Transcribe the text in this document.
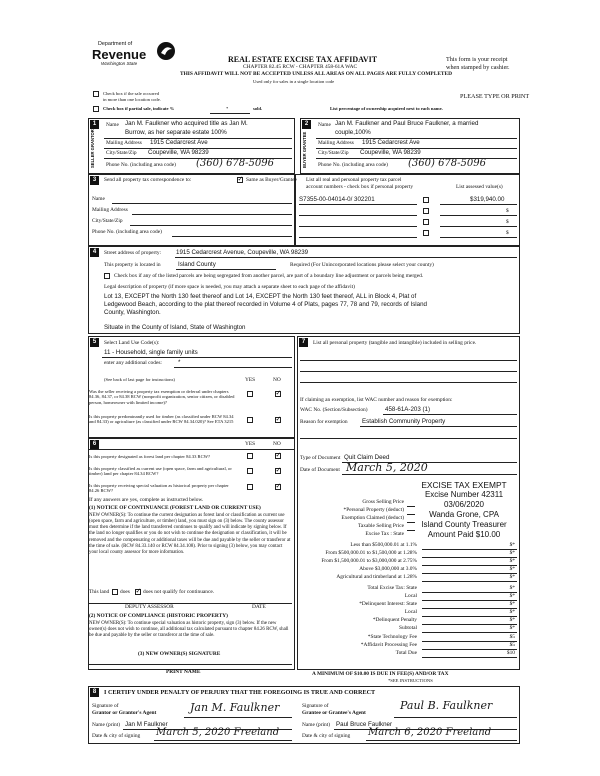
Department of
Revenue
Washington State	REAL ESTATE EXCISE TAX AFFIDAVIT
CHAPTER 82.45 RCW - CHAPTER 458-61A WAC
THIS AFFIDAVIT WILL NOT BE ACCEPTED UNLESS ALL AREAS ON ALL PAGES ARE FULLY COMPLETED
Used only for sales in a single location code
This form is your receipt
when stamped by cashier.
Check box if the sale occurred
in more than one location code.	PLEASE TYPE OR PRINT
Check box if partial sale, indicate %	*	sold.	List percentage of ownership acquired next to each name.
1
SELLER GRANTOR
Name Jan M. Faulkner who acquired title as Jan M.
Burrow, as her separate estate 100%
Mailing Address 1915 Cedarcrest Ave
City/State/Zip Coupeville, WA 98239
Phone No. (including area code) (360) 678-5096
2
BUYER GRANTEE
Name Jan M. Faulkner and Paul Bruce Faulkner, a married
couple,100%
Mailing Address 1915 Cedarcrest Ave
City/State/Zip Coupeville, WA 98239
Phone No. (including area code) (360) 678-5096
3	Send all property tax correspondence to: ✓	Same as Buyer/Grantee
Name
Mailing Address
City/State/Zip
Phone No. (including area code)
List all real and personal property tax parcel
account numbers - check box if personal property	List assessed value(s)
S7355-00-04014-0/ 302201	$319,940.00
$
$
$
4	Street address of property: 1915 Cedarcrest Avenue, Coupeville, WA 98239
This property is located in	Island County	Required (For Unincorporated locations please select your county)
Check box if any of the listed parcels are being segregated from another parcel, are part of a boundary line adjustment or parcels being merged.
Legal description of property (if more space is needed, you may attach a separate sheet to each page of the affidavit)
Lot 13, EXCEPT the North 130 feet thereof and Lot 14, EXCEPT the North 130 feet thereof, ALL in Block 4, Plat of
Ledgewood Beach, according to the plat thereof recorded in Volume 4 of Plats, pages 77, 78 and 79, records of Island
County, Washington.
Situate in the County of Island, State of Washington
5	Select Land Use Code(s):
11 - Household, single family units
enter any additional codes:	*
(See back of last page for instructions)	YES	NO
Was the seller receiving a property tax exemption or deferral under chapters 84.36, 84.37, or 84.38 RCW (nonprofit organization, senior citizen, or disabled person, homeowner with limited income)?
✓
Is this property predominantly used for timber (as classified under RCW 84.34 and 84.33) or agriculture (as classified under RCW 84.34.020)? See ETA 3215
✓
6	YES	NO
Is this property designated as forest land per chapter 84.33 RCW?
✓
Is this property classified as current use (open space, farm and agricultural, or timber) land per chapter 84.34 RCW?
✓
Is this property receiving special valuation as historical property per chapter 84.26 RCW?
✓
If any answers are yes, complete as instructed below.
(1) NOTICE OF CONTINUANCE (FOREST LAND OR CURRENT USE)
NEW OWNER(S): To continue the current designation as forest land or classification as current use (open space, farm and agriculture, or timber) land, you must sign on (3) below. The county assessor must then determine if the land transferred continues to qualify and will indicate by signing below. If the land no longer qualifies or you do not wish to continue the designation or classification, it will be removed and the compensating or additional taxes will be due and payable by the seller or transferor at the time of sale. (RCW 84.33.140 or RCW 84.34.108). Prior to signing (3) below, you may contact your local county assessor for more information.
This land does ✓ does not qualify for continuance.
DEPUTY ASSESSOR	DATE
(2) NOTICE OF COMPLIANCE (HISTORIC PROPERTY)
NEW OWNER(S): To continue special valuation as historic property, sign (3) below. If the new owner(s) does not wish to continue, all additional tax calculated pursuant to chapter 84.26 RCW, shall be due and payable by the seller or transferor at the time of sale.
(3) NEW OWNER(S) SIGNATURE
PRINT NAME
7	List all personal property (tangible and intangible) included in selling price.
If claiming an exemption, list WAC number and reason for exemption:
WAC No. (Section/Subsection)	458-61A-203 (1)
Reason for exemption Establish Community Property
Type of Document Quit Claim Deed
Date of Document March 5, 2020
EXCISE TAX EXEMPT
Excise Number 42311
03/06/2020
Wanda Grone, CPA
Island County Treasurer
Amount Paid $10.00
Gross Selling Price
*Personal Property (deduct)
Exemption Claimed (deduct)
Taxable Selling Price
Excise Tax : State
Less than $500,000.01 at 1.1%	$*
From $500,000.01 to $1,500,000 at 1.28%	$*
From $1,500,000.01 to $3,000,000 at 2.75%	$*
Above $3,000,000 at 3.0%	$*
Agricultural and timberland at 1.28%	$*
Total Excise Tax: State	$*
Local	$*
*Delinquent Interest: State	$*
Local	$*
*Delinquent Penalty	$*
Subtotal	$*
*State Technology Fee	$5
*Affidavit Processing Fee	$5
Total Due	$10
A MINIMUM OF $10.00 IS DUE IN FEE(S) AND/OR TAX
*SEE INSTRUCTIONS
8	I CERTIFY UNDER PENALTY OF PERJURY THAT THE FOREGOING IS TRUE AND CORRECT
Signature of
Grantor or Grantor's Agent	Jan M. Faulkner
Name (print) Jan M Faulkner
Date & city of signing March 5, 2020 Freeland
Signature of
Grantee or Grantee's Agent
Paul B. Faulkner
Name (print) Paul Bruce Faulkner
Date & city of signing March 6, 2020 Freeland
